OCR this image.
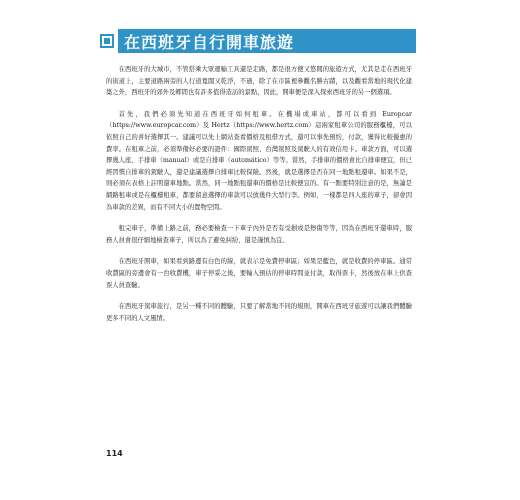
在西班牙自行開車旅遊

在西班牙的大城市，不管搭乘大眾運輸工具還是走路，都是很方便又悠閒的旅遊方式，尤其是走在西班牙的街道上，主要道路兩旁的人行道寬闊又乾淨，不過，除了在市區裡參觀名勝古蹟，以及觀看當地的現代化建築之外，西班牙的郊外及鄉間也有許多值得造訪的景點，因此，開車便是深入探索西班牙的另一個選項。

首先，我們必須先知道在西班牙如何租車。在機場或車站，都可以看到 Europcar（https://www.europcar.com）及 Hertz（https://www.hertz.com）這兩家租車公司的服務櫃檯，可以依照自己的喜好選擇其一。建議可以先上網站查看價格及租借方式，還可以事先預約，付款，獲得比較優惠的費率。在租車之前，必須準備好必要的證件：國際駕照、台灣駕照及駕駛人的有效信用卡。車款方面，可以選擇幾人座，手排車（manual）或是自排車（automático）等等。當然，手排車的價格會比自排車便宜，但已經習慣自排車的駕駛人，還是建議選擇自排車比較保險。然後，就是選擇是否在同一地點租還車。如果不是，則必須在表格上註明還車地點。當然，同一地點租還車的價格是比較便宜的。有一點要特別注意的是，無論是網路租車或是在櫃檯租車，都要留意選擇的車款可以放幾件大型行李。例如，一樣都是四人座的車子，卻會因為車款的差異，而有不同大小的置物空間。

租完車子，準備上路之前，務必要檢查一下車子內外是否有受損或是擦傷等等，因為在西班牙還車時，服務人員會很仔細地檢查車子，所以為了避免糾紛，還是謹慎為宜。

在西班牙開車，如果看到路邊有白色的線，就表示是免費停車區；如果是藍色，就是收費的停車區。通常收費區的旁邊會有一台收費機，車子停妥之後，要輸入預估的停車時間並付款，取得票卡，然後放在車上供查票人員查驗。

在西班牙駕車旅行，是另一種不同的體驗，只要了解當地不同的規則，開車在西班牙旅遊可以讓我們體驗更多不同的人文風情。

114
